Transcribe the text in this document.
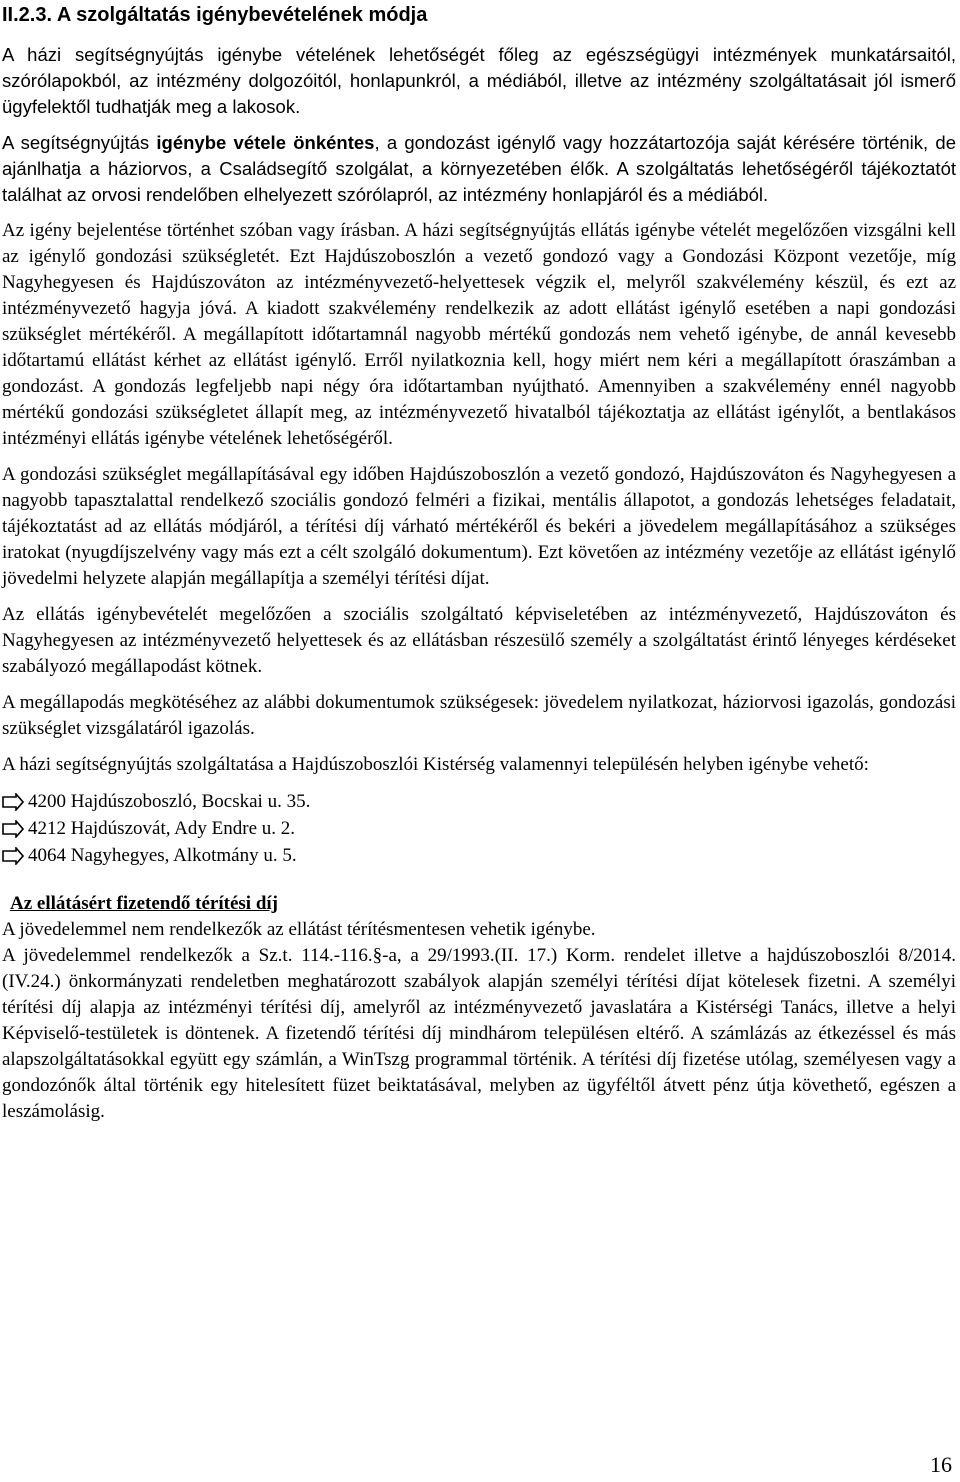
II.2.3. A szolgáltatás igénybevételének módja
A házi segítségnyújtás igénybe vételének lehetőségét főleg az egészségügyi intézmények munkatársaitól, szórólapokból, az intézmény dolgozóitól, honlapunkról, a médiából, illetve az intézmény szolgáltatásait jól ismerő ügyfelektől tudhatják meg a lakosok.
A segítségnyújtás igénybe vétele önkéntes, a gondozást igénylő vagy hozzátartozója saját kérésére történik, de ajánlhatja a háziorvos, a Családsegítő szolgálat, a környezetében élők. A szolgáltatás lehetőségéről tájékoztatót találhat az orvosi rendelőben elhelyezett szórólapról, az intézmény honlapjáról és a médiából.
Az igény bejelentése történhet szóban vagy írásban. A házi segítségnyújtás ellátás igénybe vételét megelőzően vizsgálni kell az igénylő gondozási szükségletét. Ezt Hajdúszoboszlón a vezető gondozó vagy a Gondozási Központ vezetője, míg Nagyhegyesen és Hajdúszováton az intézményvezető-helyettesek végzik el, melyről szakvélemény készül, és ezt az intézményvezető hagyja jóvá. A kiadott szakvélemény rendelkezik az adott ellátást igénylő esetében a napi gondozási szükséglet mértékéről. A megállapított időtartamnál nagyobb mértékű gondozás nem vehető igénybe, de annál kevesebb időtartamú ellátást kérhet az ellátást igénylő. Erről nyilatkoznia kell, hogy miért nem kéri a megállapított óraszámban a gondozást. A gondozás legfeljebb napi négy óra időtartamban nyújtható. Amennyiben a szakvélemény ennél nagyobb mértékű gondozási szükségletet állapít meg, az intézményvezető hivatalból tájékoztatja az ellátást igénylőt, a bentlakásos intézményi ellátás igénybe vételének lehetőségéről.
A gondozási szükséglet megállapításával egy időben Hajdúszoboszlón a vezető gondozó, Hajdúszováton és Nagyhegyesen a nagyobb tapasztalattal rendelkező szociális gondozó felméri a fizikai, mentális állapotot, a gondozás lehetséges feladatait, tájékoztatást ad az ellátás módjáról, a térítési díj várható mértékéről és bekéri a jövedelem megállapításához a szükséges iratokat (nyugdíjszelvény vagy más ezt a célt szolgáló dokumentum). Ezt követően az intézmény vezetője az ellátást igénylő jövedelmi helyzete alapján megállapítja a személyi térítési díjat.
Az ellátás igénybevételét megelőzően a szociális szolgáltató képviseletében az intézményvezető, Hajdúszováton és Nagyhegyesen az intézményvezető helyettesek és az ellátásban részesülő személy a szolgáltatást érintő lényeges kérdéseket szabályozó megállapodást kötnek.
A megállapodás megkötéséhez az alábbi dokumentumok szükségesek: jövedelem nyilatkozat, háziorvosi igazolás, gondozási szükséglet vizsgálatáról igazolás.
A házi segítségnyújtás szolgáltatása a Hajdúszoboszlói Kistérség valamennyi településén helyben igénybe vehető:
4200 Hajdúszoboszló, Bocskai u. 35.
4212 Hajdúszovát, Ady Endre u. 2.
4064 Nagyhegyes, Alkotmány u. 5.
Az ellátásért fizetendő térítési díj
A jövedelemmel nem rendelkezők az ellátást térítésmentesen vehetik igénybe.
A jövedelemmel rendelkezők a Sz.t. 114.-116.§-a, a 29/1993.(II. 17.) Korm. rendelet illetve a hajdúszoboszlói 8/2014. (IV.24.) önkormányzati rendeletben meghatározott szabályok alapján személyi térítési díjat kötelesek fizetni. A személyi térítési díj alapja az intézményi térítési díj, amelyről az intézményvezető javaslatára a Kistérségi Tanács, illetve a helyi Képviselő-testületek is döntenek. A fizetendő térítési díj mindhárom településen eltérő. A számlázás az étkezéssel és más alapszolgáltatásokkal együtt egy számlán, a WinTszg programmal történik. A térítési díj fizetése utólag, személyesen vagy a gondozónők által történik egy hitelesített füzet beiktatásával, melyben az ügyféltől átvett pénz útja követhető, egészen a leszámolásig.
16
